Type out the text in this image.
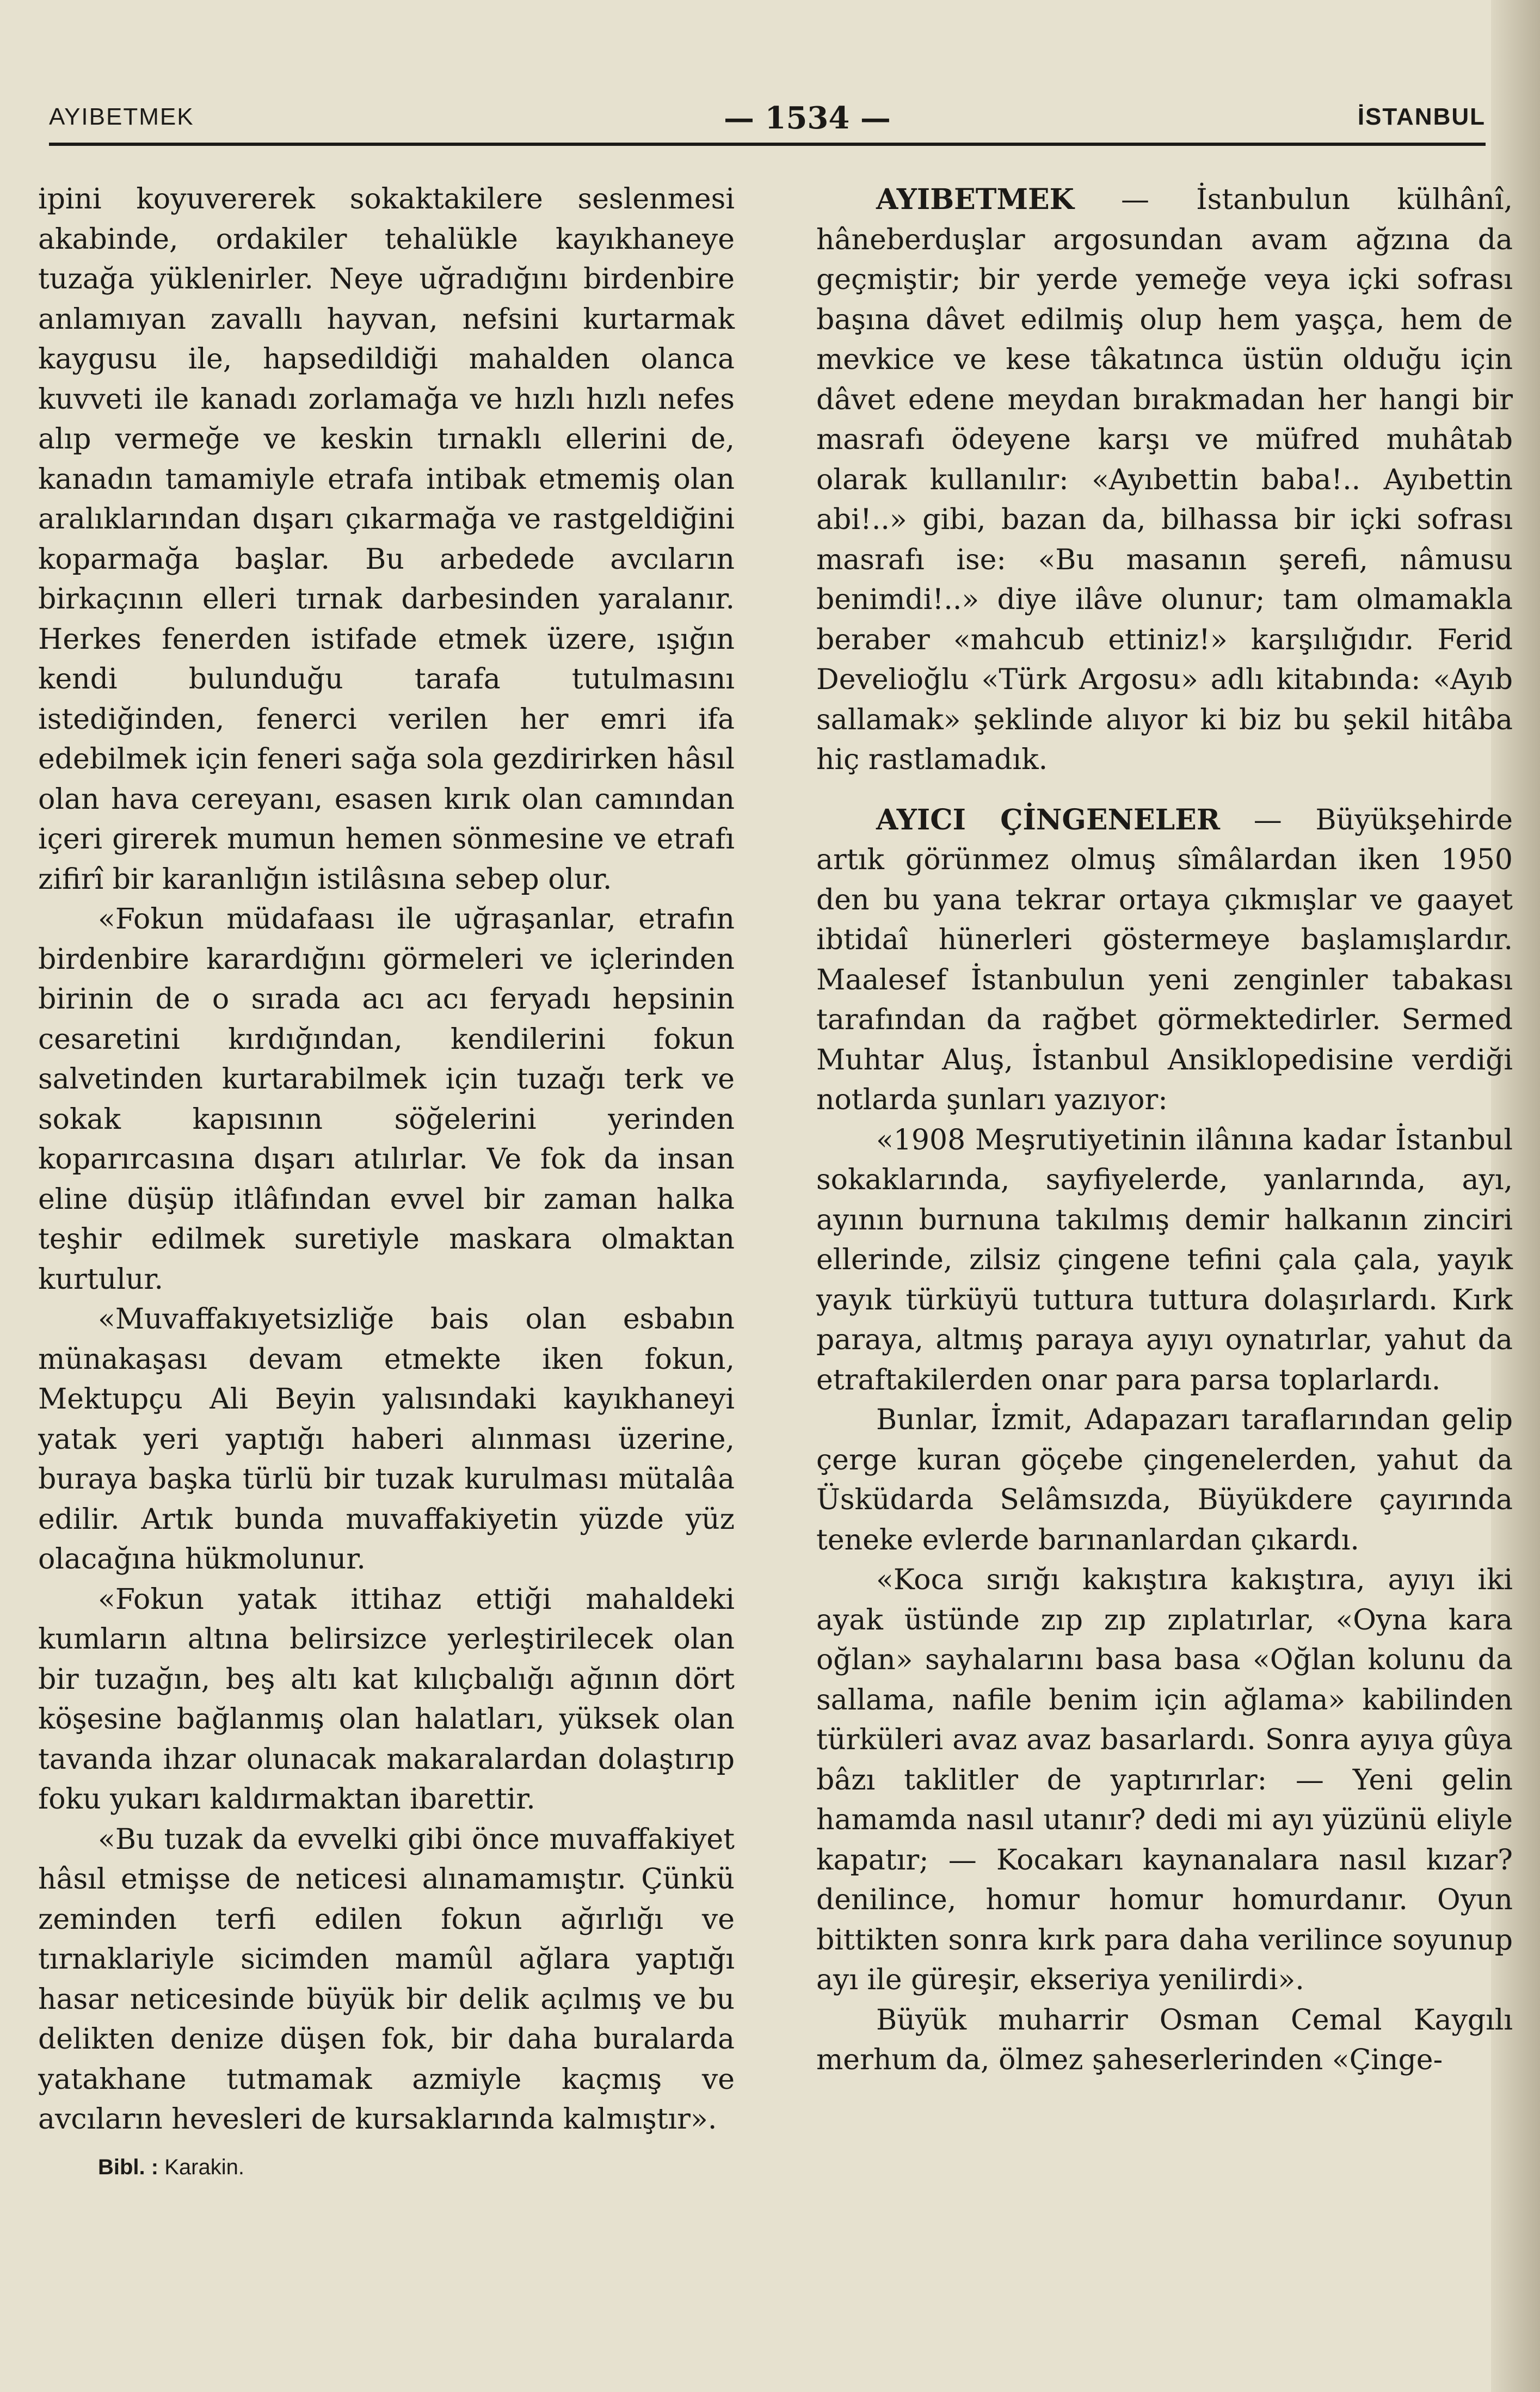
AYIBETMEK	— 1534 —	İSTANBUL

ipini koyuvererek sokaktakilere seslenmesi akabinde, ordakiler tehalükle kayıkhaneye tuzağa yüklenirler. Neye uğradığını birdenbire anlamıyan zavallı hayvan, nefsini kurtarmak kaygusu ile, hapsedildiği mahalden olanca kuvveti ile kanadı zorlamağa ve hızlı hızlı nefes alıp vermeğe ve keskin tırnaklı ellerini de, kanadın tamamiyle etrafa intibak etmemiş olan aralıklarından dışarı çıkarmağa ve rastgeldiğini koparmağa başlar. Bu arbedede avcıların birkaçının elleri tırnak darbesinden yaralanır. Herkes fenerden istifade etmek üzere, ışığın kendi bulunduğu tarafa tutulmasını istediğinden, fenerci verilen her emri ifa edebilmek için feneri sağa sola gezdirirken hâsıl olan hava cereyanı, esasen kırık olan camından içeri girerek mumun hemen sönmesine ve etrafı zifirî bir karanlığın istilâsına sebep olur.

«Fokun müdafaası ile uğraşanlar, etrafın birdenbire karardığını görmeleri ve içlerinden birinin de o sırada acı acı feryadı hepsinin cesaretini kırdığından, kendilerini fokun salvetinden kurtarabilmek için tuzağı terk ve sokak kapısının söğelerini yerinden koparırcasına dışarı atılırlar. Ve fok da insan eline düşüp itlâfından evvel bir zaman halka teşhir edilmek suretiyle maskara olmaktan kurtulur.

«Muvaffakıyetsizliğe bais olan esbabın münakaşası devam etmekte iken fokun, Mektupçu Ali Beyin yalısındaki kayıkhaneyi yatak yeri yaptığı haberi alınması üzerine, buraya başka türlü bir tuzak kurulması mütalâa edilir. Artık bunda muvaffakiyetin yüzde yüz olacağına hükmolunur.

«Fokun yatak ittihaz ettiği mahaldeki kumların altına belirsizce yerleştirilecek olan bir tuzağın, beş altı kat kılıçbalığı ağının dört köşesine bağlanmış olan halatları, yüksek olan tavanda ihzar olunacak makaralardan dolaştırıp foku yukarı kaldırmaktan ibarettir.

«Bu tuzak da evvelki gibi önce muvaffakiyet hâsıl etmişse de neticesi alınamamıştır. Çünkü zeminden terfi edilen fokun ağırlığı ve tırnaklariyle sicimden mamûl ağlara yaptığı hasar neticesinde büyük bir delik açılmış ve bu delikten denize düşen fok, bir daha buralarda yatakhane tutmamak azmiyle kaçmış ve avcıların hevesleri de kursaklarında kalmıştır».

Bibl. : Karakin.

AYIBETMEK — İstanbulun külhânî, hâneberduşlar argosundan avam ağzına da geçmiştir; bir yerde yemeğe veya içki sofrası başına dâvet edilmiş olup hem yaşça, hem de mevkice ve kese tâkatınca üstün olduğu için dâvet edene meydan bırakmadan her hangi bir masrafı ödeyene karşı ve müfred muhâtab olarak kullanılır: «Ayıbettin baba!.. Ayıbettin abi!..» gibi, bazan da, bilhassa bir içki sofrası masrafı ise: «Bu masanın şerefi, nâmusu benimdi!..» diye ilâve olunur; tam olmamakla beraber «mahcub ettiniz!» karşılığıdır. Ferid Develioğlu «Türk Argosu» adlı kitabında: «Ayıb sallamak» şeklinde alıyor ki biz bu şekil hitâba hiç rastlamadık.

AYICI ÇİNGENELER — Büyükşehirde artık görünmez olmuş sîmâlardan iken 1950 den bu yana tekrar ortaya çıkmışlar ve gaayet ibtidaî hünerleri göstermeye başlamışlardır. Maalesef İstanbulun yeni zenginler tabakası tarafından da rağbet görmektedirler. Sermed Muhtar Aluş, İstanbul Ansiklopedisine verdiği notlarda şunları yazıyor:

«1908 Meşrutiyetinin ilânına kadar İstanbul sokaklarında, sayfiyelerde, yanlarında, ayı, ayının burnuna takılmış demir halkanın zinciri ellerinde, zilsiz çingene tefini çala çala, yayık yayık türküyü tuttura tuttura dolaşırlardı. Kırk paraya, altmış paraya ayıyı oynatırlar, yahut da etraftakilerden onar para parsa toplarlardı.

Bunlar, İzmit, Adapazarı taraflarından gelip çerge kuran göçebe çingenelerden, yahut da Üsküdarda Selâmsızda, Büyükdere çayırında teneke evlerde barınanlardan çıkardı.

«Koca sırığı kakıştıra kakıştıra, ayıyı iki ayak üstünde zıp zıp zıplatırlar, «Oyna kara oğlan» sayhalarını basa basa «Oğlan kolunu da sallama, nafile benim için ağlama» kabilinden türküleri avaz avaz basarlardı. Sonra ayıya gûya bâzı taklitler de yaptırırlar: — Yeni gelin hamamda nasıl utanır? dedi mi ayı yüzünü eliyle kapatır; — Kocakarı kaynanalara nasıl kızar? denilince, homur homur homurdanır. Oyun bittikten sonra kırk para daha verilince soyunup ayı ile güreşir, ekseriya yenilirdi».

Büyük muharrir Osman Cemal Kaygılı merhum da, ölmez şaheserlerinden «Çinge-
